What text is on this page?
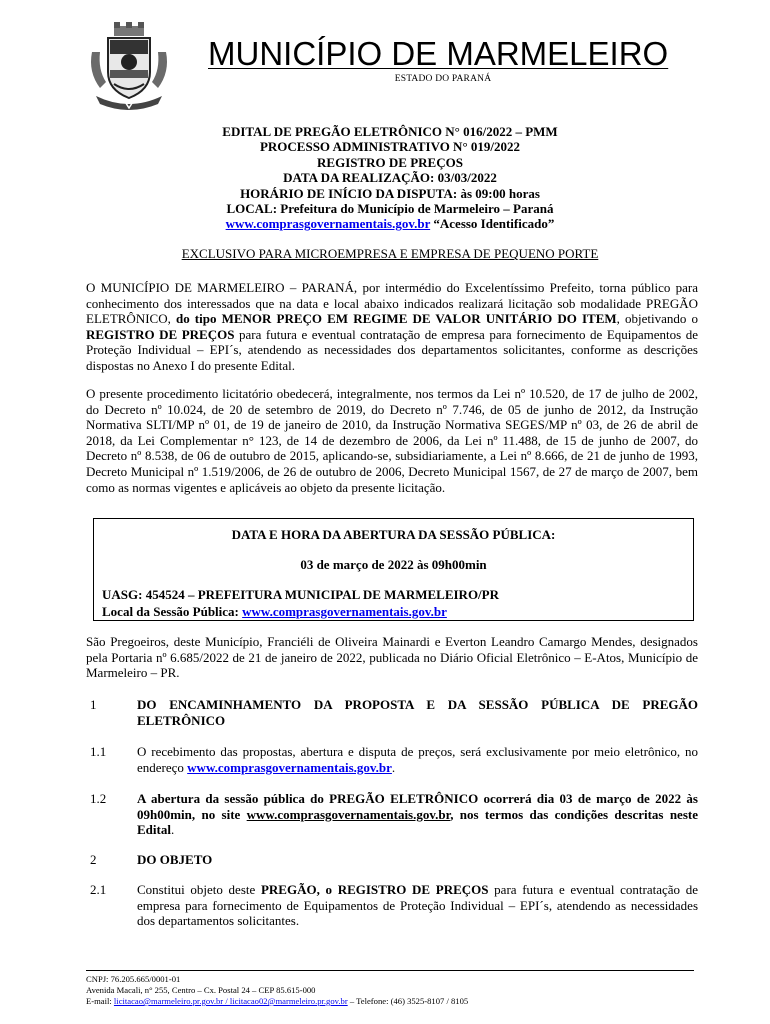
MUNICÍPIO DE MARMELEIRO
ESTADO DO PARANÁ
EDITAL DE PREGÃO ELETRÔNICO N° 016/2022 – PMM
PROCESSO ADMINISTRATIVO N° 019/2022
REGISTRO DE PREÇOS
DATA DA REALIZAÇÃO: 03/03/2022
HORÁRIO DE INÍCIO DA DISPUTA: às 09:00 horas
LOCAL: Prefeitura do Município de Marmeleiro – Paraná
www.comprasgovernamentais.gov.br “Acesso Identificado”
EXCLUSIVO PARA MICROEMPRESA E EMPRESA DE PEQUENO PORTE
O MUNICÍPIO DE MARMELEIRO – PARANÁ, por intermédio do Excelentíssimo Prefeito, torna público para conhecimento dos interessados que na data e local abaixo indicados realizará licitação sob modalidade PREGÃO ELETRÔNICO, do tipo MENOR PREÇO EM REGIME DE VALOR UNITÁRIO DO ITEM, objetivando o REGISTRO DE PREÇOS para futura e eventual contratação de empresa para fornecimento de Equipamentos de Proteção Individual – EPI´s, atendendo as necessidades dos departamentos solicitantes, conforme as descrições dispostas no Anexo I do presente Edital.
O presente procedimento licitatório obedecerá, integralmente, nos termos da Lei nº 10.520, de 17 de julho de 2002, do Decreto nº 10.024, de 20 de setembro de 2019, do Decreto nº 7.746, de 05 de junho de 2012, da Instrução Normativa SLTI/MP nº 01, de 19 de janeiro de 2010, da Instrução Normativa SEGES/MP nº 03, de 26 de abril de 2018, da Lei Complementar n° 123, de 14 de dezembro de 2006, da Lei nº 11.488, de 15 de junho de 2007, do Decreto nº 8.538, de 06 de outubro de 2015, aplicando-se, subsidiariamente, a Lei nº 8.666, de 21 de junho de 1993, Decreto Municipal nº 1.519/2006, de 26 de outubro de 2006, Decreto Municipal 1567, de 27 de março de 2007, bem como as normas vigentes e aplicáveis ao objeto da presente licitação.
DATA E HORA DA ABERTURA DA SESSÃO PÚBLICA:
03 de março de 2022 às 09h00min
UASG: 454524 – PREFEITURA MUNICIPAL DE MARMELEIRO/PR
Local da Sessão Pública: www.comprasgovernamentais.gov.br
São Pregoeiros, deste Município, Franciéli de Oliveira Mainardi e Everton Leandro Camargo Mendes, designados pela Portaria nº 6.685/2022 de 21 de janeiro de 2022, publicada no Diário Oficial Eletrônico – E-Atos, Município de Marmeleiro – PR.
1	DO ENCAMINHAMENTO DA PROPOSTA E DA SESSÃO PÚBLICA DE PREGÃO ELETRÔNICO
1.1 O recebimento das propostas, abertura e disputa de preços, será exclusivamente por meio eletrônico, no endereço www.comprasgovernamentais.gov.br.
1.2 A abertura da sessão pública do PREGÃO ELETRÔNICO ocorrerá dia 03 de março de 2022 às 09h00min, no site www.comprasgovernamentais.gov.br, nos termos das condições descritas neste Edital.
2	DO OBJETO
2.1 Constitui objeto deste PREGÃO, o REGISTRO DE PREÇOS para futura e eventual contratação de empresa para fornecimento de Equipamentos de Proteção Individual – EPI´s, atendendo as necessidades dos departamentos solicitantes.
CNPJ: 76.205.665/0001-01
Avenida Macali, n° 255, Centro – Cx. Postal 24 – CEP 85.615-000
E-mail: licitacao@marmeleiro.pr.gov.br / licitacao02@marmeleiro.pr.gov.br – Telefone: (46) 3525-8107 / 8105
